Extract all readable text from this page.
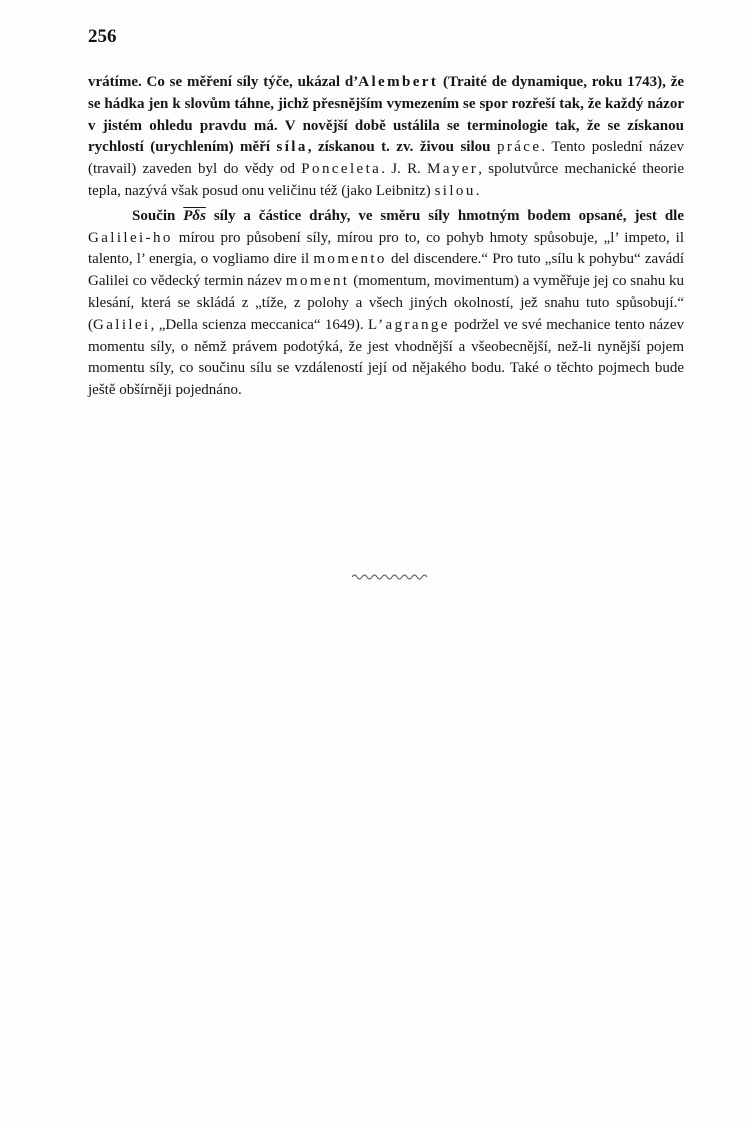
256

vrátíme. Co se měření síly týče, ukázal d’Alembert (Traité de dynamique, roku 1743), že se hádka jen k slovům táhne, jichž přesnějším vymezením se spor rozřeší tak, že každý názor v jistém ohledu pravdu má. V novější době ustálila se terminologie tak, že se získanou rychlostí (urychlením) měří síla, získanou t. zv. živou silou práce. Tento poslední název (travail) zaveden byl do vědy od Ponceleta. J. R. Mayer, spolutvůrce mechanické theorie tepla, nazývá však posud onu veličinu též (jako Leibnitz) silou.

Součin $\overline{P\delta s}$ síly a částice dráhy, ve směru síly hmotným bodem opsané, jest dle Galilei-ho mírou pro působení síly, mírou pro to, co pohyb hmoty spůsobuje, „l’ impeto, il talento, l’ energia, o vogliamo dire il momento del discendere.“ Pro tuto „sílu k pohybu“ zavádí Galilei co vědecký termin název moment (momentum, movimentum) a vyměřuje jej co snahu ku klesání, která se skládá z „tíže, z polohy a všech jiných okolností, jež snahu tuto spůsobují.“ (Galilei, „Della scienza meccanica“ 1649). L’agrange podržel ve své mechanice tento název momentu síly, o němž právem podotýká, že jest vhodnější a všeobecnější, než-li nynější pojem momentu síly, co součinu sílu se vzdáleností její od nějakého bodu. Také o těchto pojmech bude ještě obšírněji pojednáno.
